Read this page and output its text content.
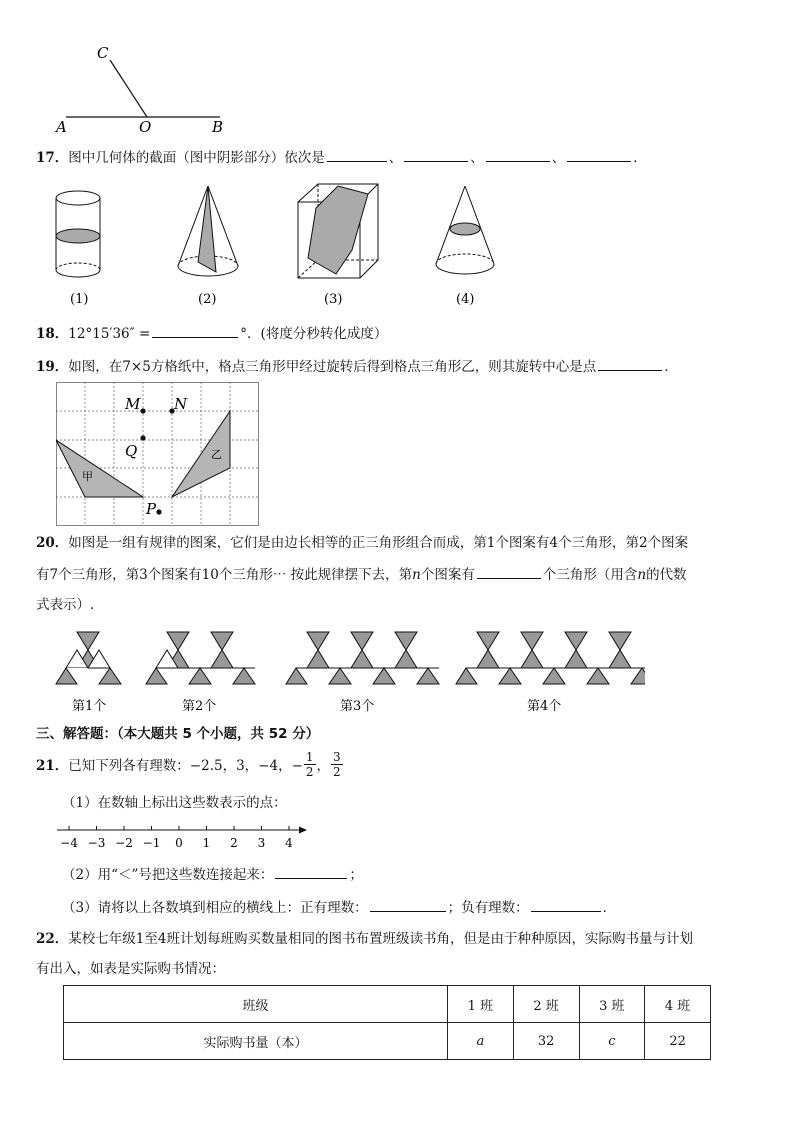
C
A	O	B
17．图中几何体的截面（图中阴影部分）依次是	、	、	、	．
(1)	(2)	(3)	(4)
18．12°15′36″ =	°．(将度分秒转化成度）
19．如图，在7×5方格纸中，格点三角形甲经过旋转后得到格点三角形乙，则其旋转中心是点	．
甲
乙
M N
Q
P
20．如图是一组有规律的图案，它们是由边长相等的正三角形组合而成，第1个图案有4个三角形，第2个图案
有7个三角形，第3个图案有10个三角形⋯ 按此规律摆下去，第n个图案有	个三角形（用含n的代数
式表示）.
第1个	第2个	第3个	第4个
三、解答题：（本大题共 5 个小题，共 52 分）
21． 已知下列各有理数：−2.5，3，−4，− $\frac{1}{2}$ ， $\frac{3}{2}$
（1）在数轴上标出这些数表示的点：
−4 −3 −2 −1 0 1 2 3 4
（2）用“＜”号把这些数连接起来：	；
（3）请将以上各数填到相应的横线上：正有理数：	；负有理数：	．
22．某校七年级1至4班计划每班购买数量相同的图书布置班级读书角，但是由于种种原因，实际购书量与计划
有出入，如表是实际购书情况：
班级	1 班	2 班	3 班	4 班
实际购书量（本）	a	32	c	22
